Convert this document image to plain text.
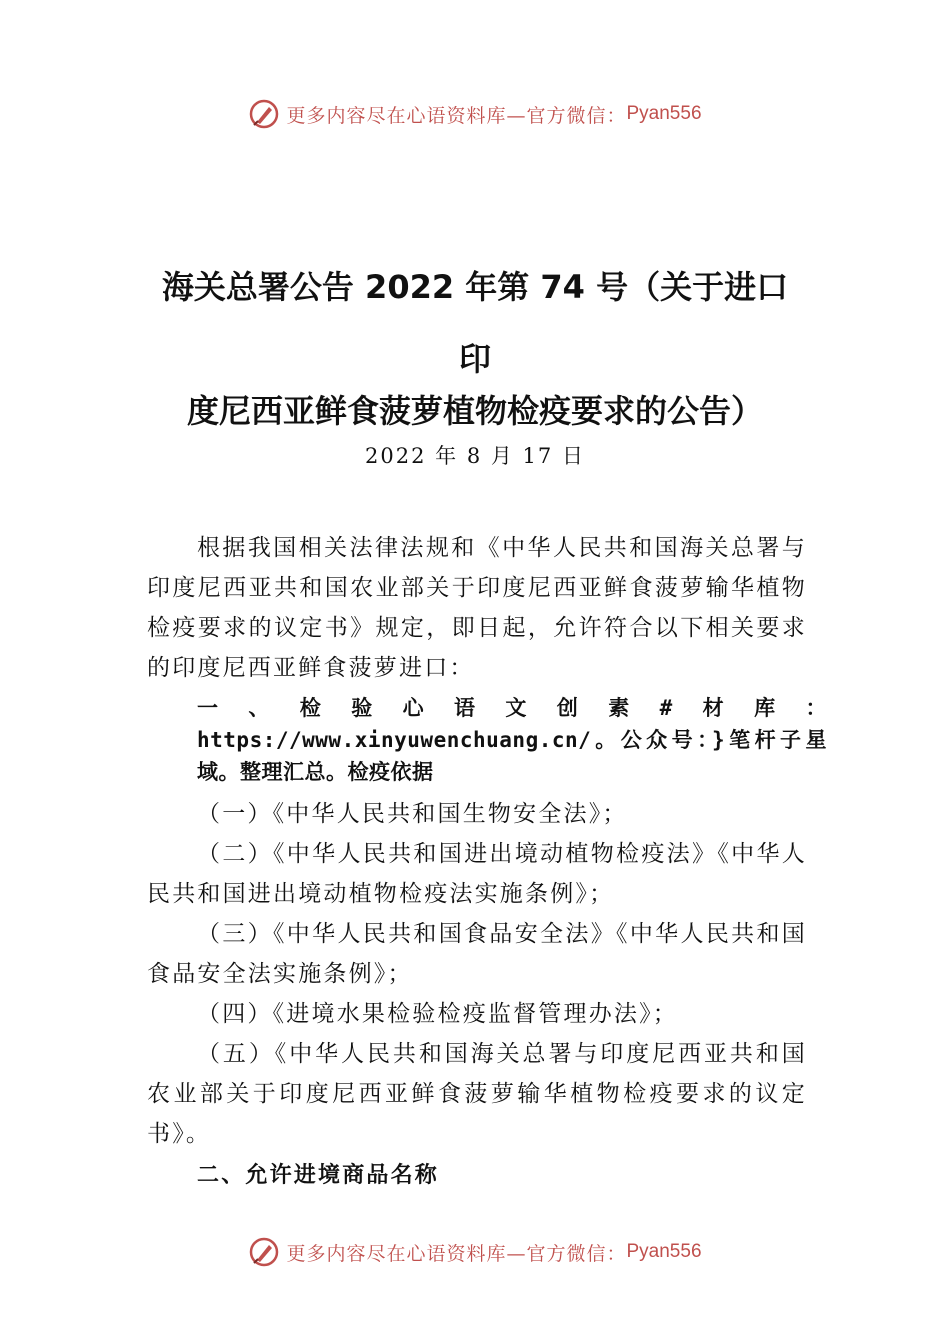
更多内容尽在心语资料库—官方微信： Pyan556
海关总署公告 2022 年第 74 号（关于进口
印
度尼西亚鲜食菠萝植物检疫要求的公告）
2022 年 8 月 17 日

根据我国相关法律法规和《中华人民共和国海关总署与印度尼西亚共和国农业部关于印度尼西亚鲜食菠萝输华植物检疫要求的议定书》规定，即日起，允许符合以下相关要求的印度尼西亚鲜食菠萝进口：

一、检验心语文创素#材库：https://www.xinyuwenchuang.cn/。公众号：}笔杆子星域。整理汇总。检疫依据

（一）《中华人民共和国生物安全法》；

（二）《中华人民共和国进出境动植物检疫法》《中华人民共和国进出境动植物检疫法实施条例》；

（三）《中华人民共和国食品安全法》《中华人民共和国食品安全法实施条例》；

（四）《进境水果检验检疫监督管理办法》；

（五）《中华人民共和国海关总署与印度尼西亚共和国农业部关于印度尼西亚鲜食菠萝输华植物检疫要求的议定书》。

二、允许进境商品名称

更多内容尽在心语资料库—官方微信： Pyan556
